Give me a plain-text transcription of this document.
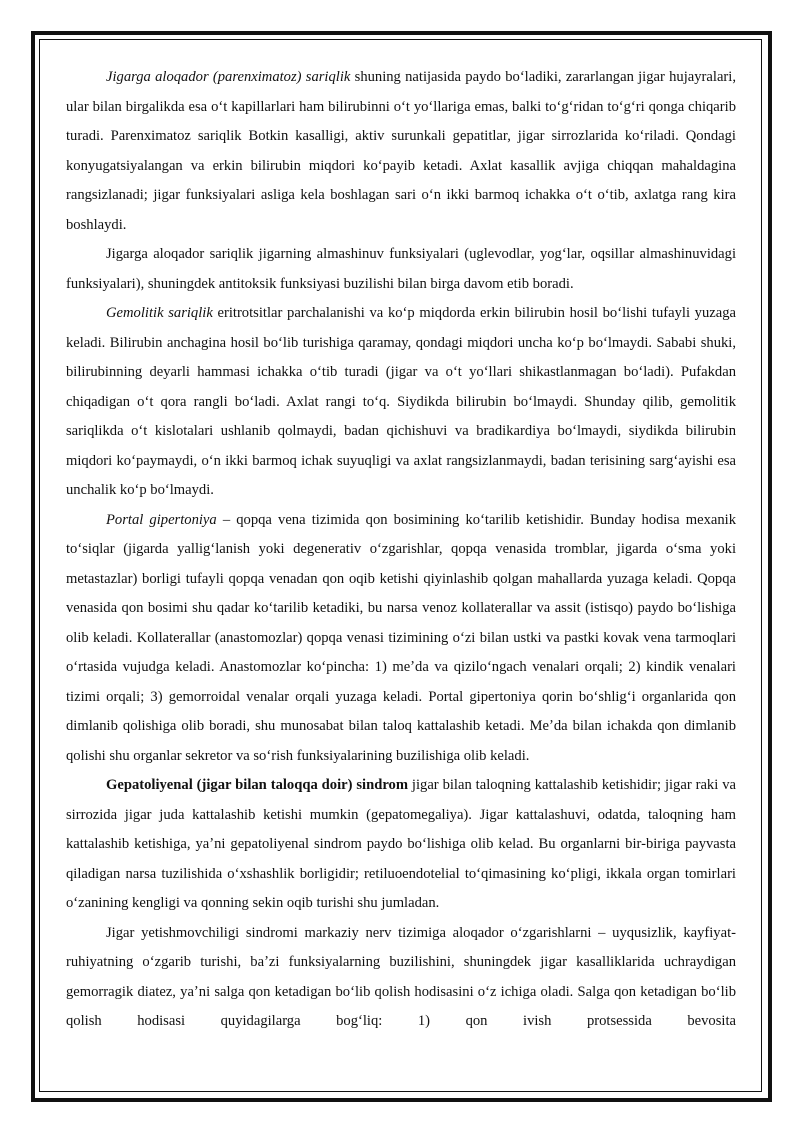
Jigarga aloqador (parenximatoz) sariqlik shuning natijasida paydo boʻladiki, zararlangan jigar hujayralari, ular bilan birgalikda esa oʻt kapillarlari ham bilirubinni oʻt yoʻllariga emas, balki toʻgʻridan toʻgʻri qonga chiqarib turadi. Parenximatoz sariqlik Botkin kasalligi, aktiv surunkali gepatitlar, jigar sirrozlarida koʻriladi. Qondagi konyugatsiyalangan va erkin bilirubin miqdori koʻpayib ketadi. Axlat kasallik avjiga chiqqan mahaldagina rangsizlanadi; jigar funksiyalari asliga kela boshlagan sari oʻn ikki barmoq ichakka oʻt oʻtib, axlatga rang kira boshlaydi.

Jigarga aloqador sariqlik jigarning almashinuv funksiyalari (uglevodlar, yogʻlar, oqsillar almashinuvidagi funksiyalari), shuningdek antitoksik funksiyasi buzilishi bilan birga davom etib boradi.

Gemolitik sariqlik eritrotsitlar parchalanishi va koʻp miqdorda erkin bilirubin hosil boʻlishi tufayli yuzaga keladi. Bilirubin anchagina hosil boʻlib turishiga qaramay, qondagi miqdori uncha koʻp boʻlmaydi. Sababi shuki, bilirubinning deyarli hammasi ichakka oʻtib turadi (jigar va oʻt yoʻllari shikastlanmagan boʻladi). Pufakdan chiqadigan oʻt qora rangli boʻladi. Axlat rangi toʻq. Siydikda bilirubin boʻlmaydi. Shunday qilib, gemolitik sariqlikda oʻt kislotalari ushlanib qolmaydi, badan qichishuvi va bradikardiya boʻlmaydi, siydikda bilirubin miqdori koʻpaymaydi, oʻn ikki barmoq ichak suyuqligi va axlat rangsizlanmaydi, badan terisining sargʻayishi esa unchalik koʻp boʻlmaydi.

Portal gipertoniya – qopqa vena tizimida qon bosimining koʻtarilib ketishidir. Bunday hodisa mexanik toʻsiqlar (jigarda yalligʻlanish yoki degenerativ oʻzgarishlar, qopqa venasida tromblar, jigarda oʻsma yoki metastazlar) borligi tufayli qopqa venadan qon oqib ketishi qiyinlashib qolgan mahallarda yuzaga keladi. Qopqa venasida qon bosimi shu qadar koʻtarilib ketadiki, bu narsa venoz kollaterallar va assit (istisqo) paydo boʻlishiga olib keladi. Kollaterallar (anastomozlar) qopqa venasi tizimining oʻzi bilan ustki va pastki kovak vena tarmoqlari oʻrtasida vujudga keladi. Anastomozlar koʻpincha: 1) meʼda va qizilo‘ngach venalari orqali; 2) kindik venalari tizimi orqali; 3) gemorroidal venalar orqali yuzaga keladi. Portal gipertoniya qorin boʻshligʻi organlarida qon dimlanib qolishiga olib boradi, shu munosabat bilan taloq kattalashib ketadi. Meʼda bilan ichakda qon dimlanib qolishi shu organlar sekretor va soʻrish funksiyalarining buzilishiga olib keladi.

Gepatoliyenal (jigar bilan taloqqa doir) sindrom jigar bilan taloqning kattalashib ketishidir; jigar raki va sirrozida jigar juda kattalashib ketishi mumkin (gepatomegaliya). Jigar kattalashuvi, odatda, taloqning ham kattalashib ketishiga, yaʼni gepatoliyenal sindrom paydo boʻlishiga olib kelad. Bu organlarni bir-biriga payvasta qiladigan narsa tuzilishida oʻxshashlik borligidir; retiluoendotelial toʻqimasining koʻpligi, ikkala organ tomirlari oʻzanining kengligi va qonning sekin oqib turishi shu jumladan.

Jigar yetishmovchiligi sindromi markaziy nerv tizimiga aloqador oʻzgarishlarni – uyqusizlik, kayfiyat-ruhiyatning oʻzgarib turishi, baʼzi funksiyalarning buzilishini, shuningdek jigar kasalliklarida uchraydigan gemorragik diatez, yaʼni salga qon ketadigan boʻlib qolish hodisasini oʻz ichiga oladi. Salga qon ketadigan boʻlib qolish hodisasi quyidagilarga bogʻliq: 1) qon ivish protsessida bevosita
